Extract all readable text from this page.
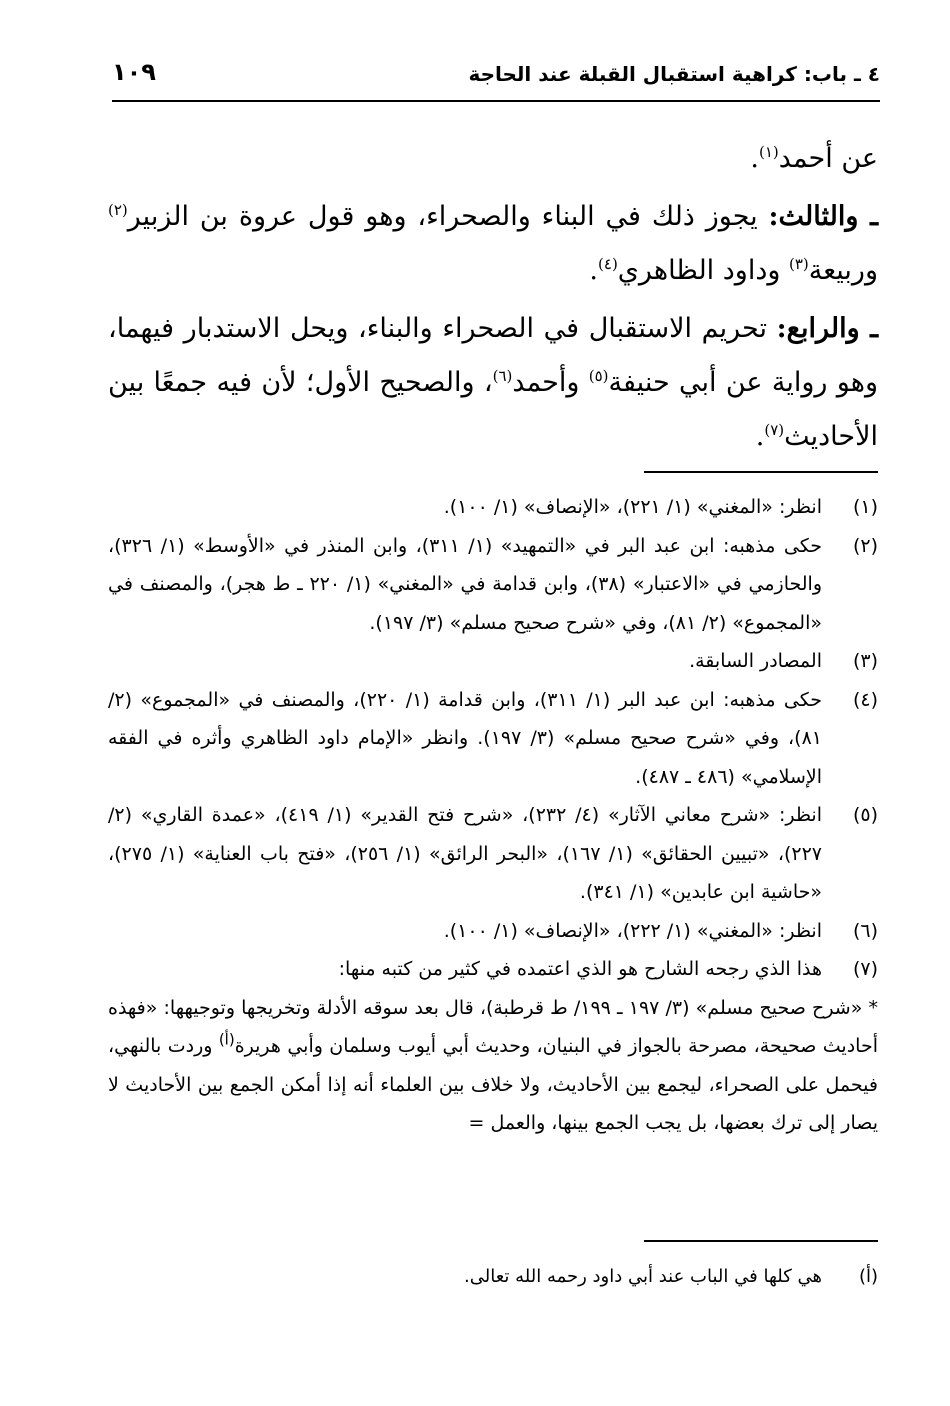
٤ ـ باب: كراهية استقبال القبلة عند الحاجة
١٠٩

عن أحمد$^{(١)}$.

ـ والثالث: يجوز ذلك في البناء والصحراء، وهو قول عروة بن الزبير$^{(٢)}$ وربيعة$^{(٣)}$ وداود الظاهري$^{(٤)}$.

ـ والرابع: تحريم الاستقبال في الصحراء والبناء، ويحل الاستدبار فيهما، وهو رواية عن أبي حنيفة$^{(٥)}$ وأحمد$^{(٦)}$، والصحيح الأول؛ لأن فيه جمعًا بين الأحاديث$^{(٧)}$.

(١)
انظر: «المغني» (١/ ٢٢١)، «الإنصاف» (١/ ١٠٠).
(٢)
حكى مذهبه: ابن عبد البر في «التمهيد» (١/ ٣١١)، وابن المنذر في «الأوسط» (١/ ٣٢٦)، والحازمي في «الاعتبار» (٣٨)، وابن قدامة في «المغني» (١/ ٢٢٠ ـ ط هجر)، والمصنف في «المجموع» (٢/ ٨١)، وفي «شرح صحيح مسلم» (٣/ ١٩٧).
(٣)
المصادر السابقة.
(٤)
حكى مذهبه: ابن عبد البر (١/ ٣١١)، وابن قدامة (١/ ٢٢٠)، والمصنف في «المجموع» (٢/ ٨١)، وفي «شرح صحيح مسلم» (٣/ ١٩٧). وانظر «الإمام داود الظاهري وأثره في الفقه الإسلامي» (٤٨٦ ـ ٤٨٧).
(٥)
انظر: «شرح معاني الآثار» (٤/ ٢٣٢)، «شرح فتح القدير» (١/ ٤١٩)، «عمدة القاري» (٢/ ٢٢٧)، «تبيين الحقائق» (١/ ١٦٧)، «البحر الرائق» (١/ ٢٥٦)، «فتح باب العناية» (١/ ٢٧٥)، «حاشية ابن عابدين» (١/ ٣٤١).
(٦)
انظر: «المغني» (١/ ٢٢٢)، «الإنصاف» (١/ ١٠٠).
(٧)
هذا الذي رجحه الشارح هو الذي اعتمده في كثير من كتبه منها:
* «شرح صحيح مسلم» (٣/ ١٩٧ ـ ١٩٩/ ط قرطبة)، قال بعد سوقه الأدلة وتخريجها وتوجيهها: «فهذه أحاديث صحيحة، مصرحة بالجواز في البنيان، وحديث أبي أيوب وسلمان وأبي هريرة$^{(أ)}$ وردت بالنهي، فيحمل على الصحراء، ليجمع بين الأحاديث، ولا خلاف بين العلماء أنه إذا أمكن الجمع بين الأحاديث لا يصار إلى ترك بعضها، بل يجب الجمع بينها، والعمل =
(أ)
هي كلها في الباب عند أبي داود رحمه الله تعالى.
